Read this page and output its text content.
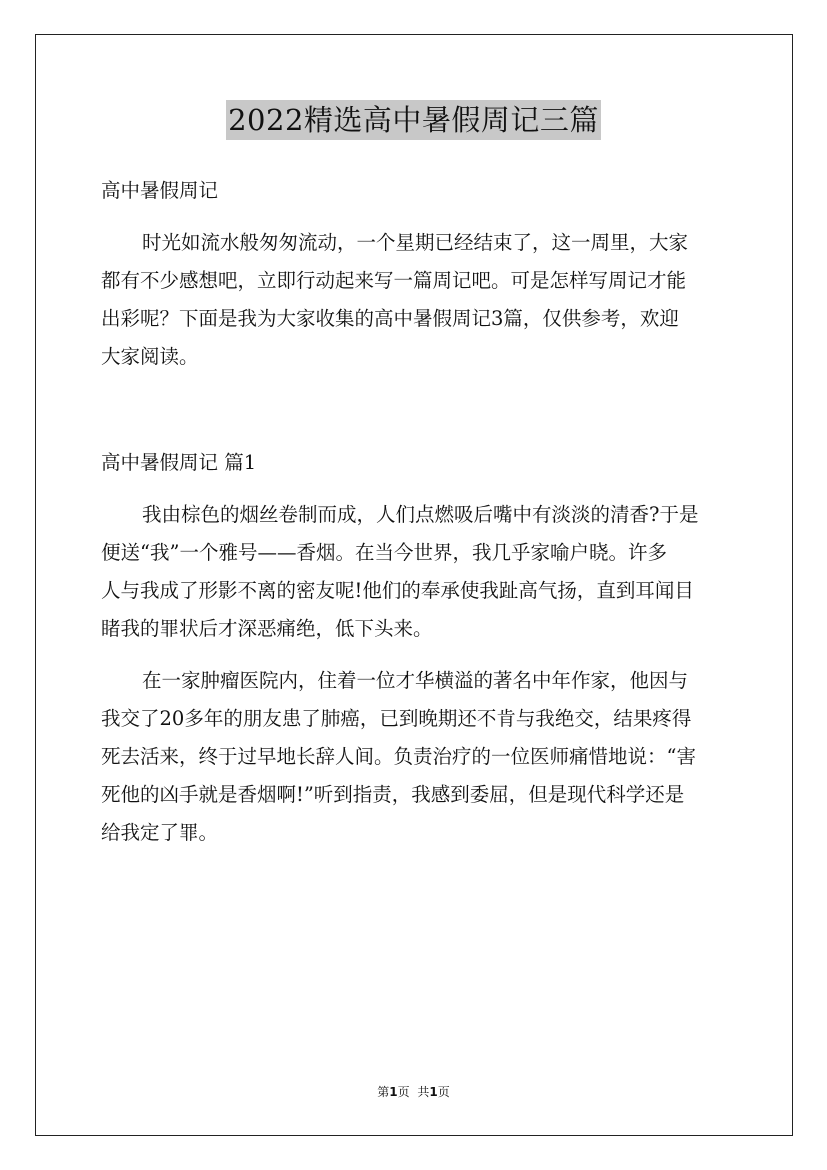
2022精选高中暑假周记三篇
高中暑假周记
时光如流水般匆匆流动，一个星期已经结束了，这一周里，大家
都有不少感想吧，立即行动起来写一篇周记吧。可是怎样写周记才能
出彩呢？下面是我为大家收集的高中暑假周记3篇，仅供参考，欢迎
大家阅读。
高中暑假周记 篇1
我由棕色的烟丝卷制而成，人们点燃吸后嘴中有淡淡的清香?于是
便送“我”一个雅号——香烟。在当今世界，我几乎家喻户晓。许多
人与我成了形影不离的密友呢!他们的奉承使我趾高气扬，直到耳闻目
睹我的罪状后才深恶痛绝，低下头来。
在一家肿瘤医院内，住着一位才华横溢的著名中年作家，他因与
我交了20多年的朋友患了肺癌，已到晚期还不肯与我绝交，结果疼得
死去活来，终于过早地长辞人间。负责治疗的一位医师痛惜地说：“害
死他的凶手就是香烟啊!”听到指责，我感到委屈，但是现代科学还是
给我定了罪。
第1页 共1页
